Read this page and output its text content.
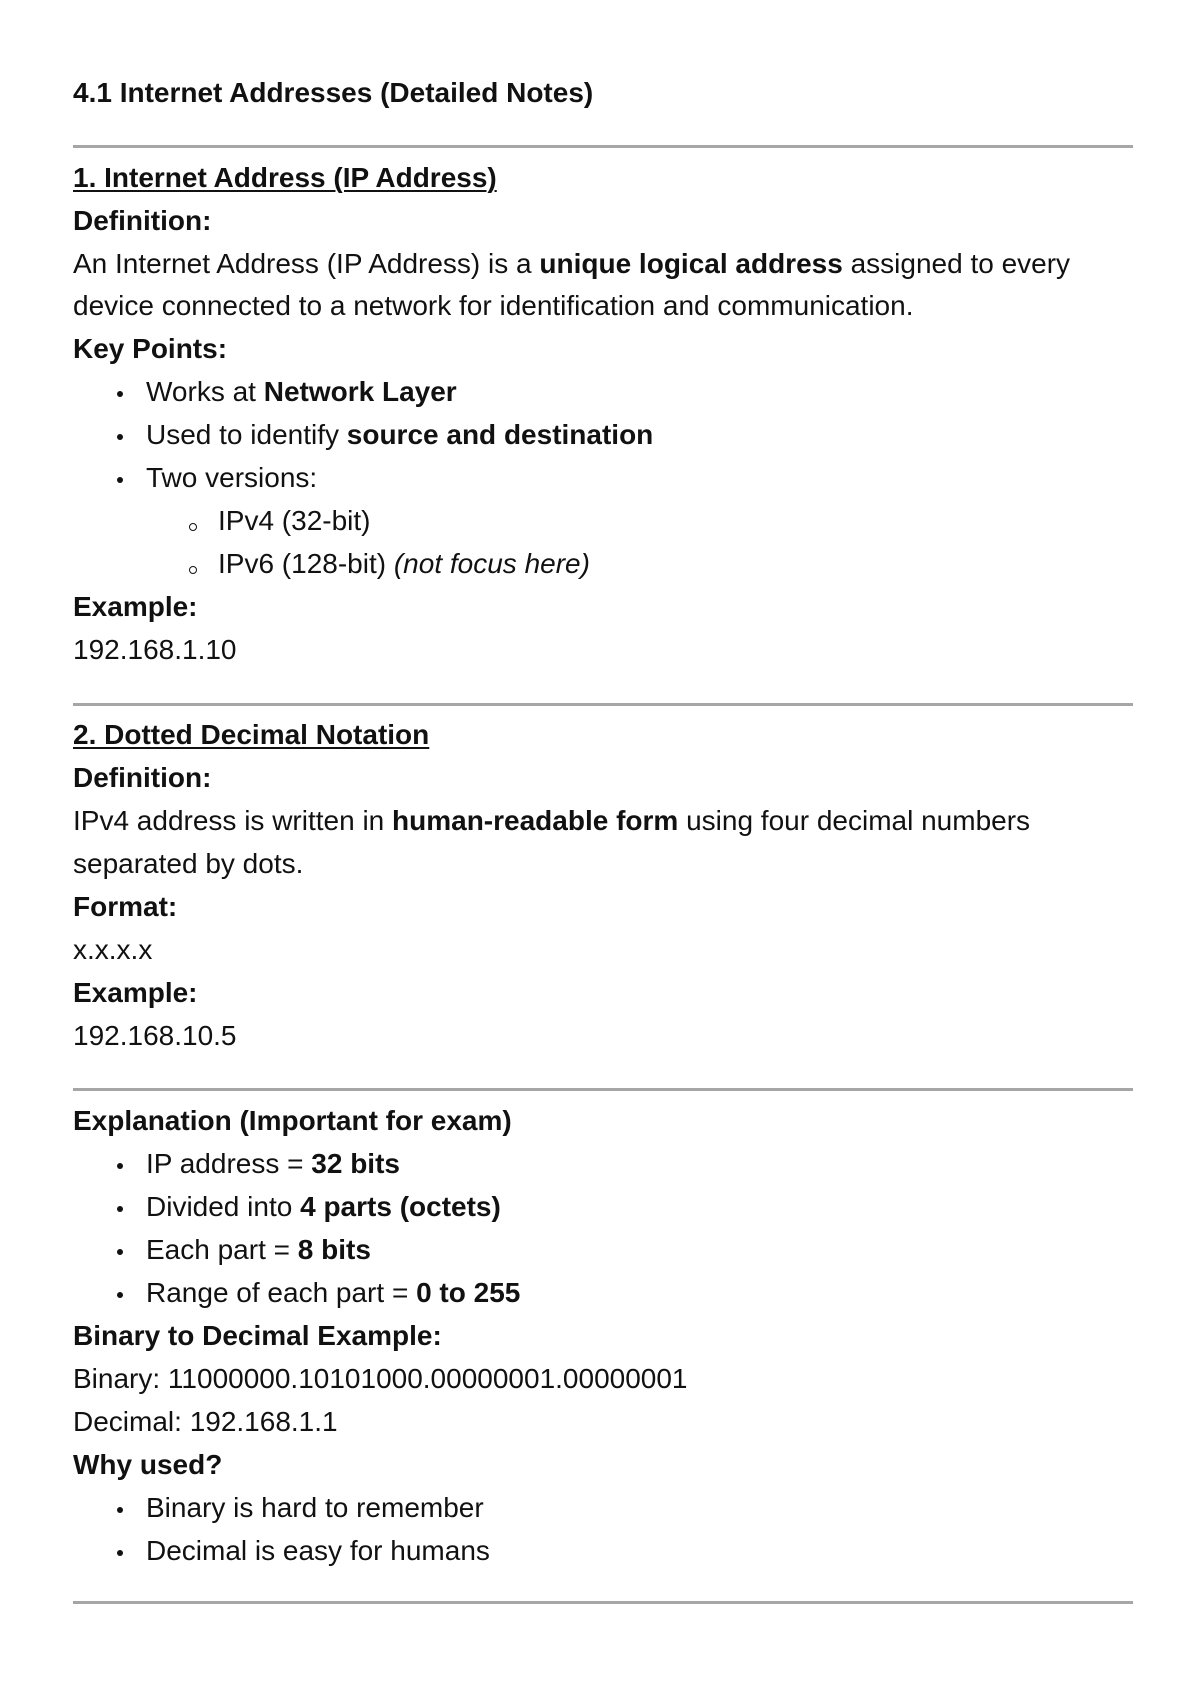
4.1 Internet Addresses (Detailed Notes)
1. Internet Address (IP Address)
Definition:
An Internet Address (IP Address) is a unique logical address assigned to every
device connected to a network for identification and communication.
Key Points:
Works at Network Layer
Used to identify source and destination
Two versions:
IPv4 (32-bit)
IPv6 (128-bit) (not focus here)
Example:
192.168.1.10
2. Dotted Decimal Notation
Definition:
IPv4 address is written in human-readable form using four decimal numbers
separated by dots.
Format:
x.x.x.x
Example:
192.168.10.5
Explanation (Important for exam)
IP address = 32 bits
Divided into 4 parts (octets)
Each part = 8 bits
Range of each part = 0 to 255
Binary to Decimal Example:
Binary: 11000000.10101000.00000001.00000001
Decimal: 192.168.1.1
Why used?
Binary is hard to remember
Decimal is easy for humans
